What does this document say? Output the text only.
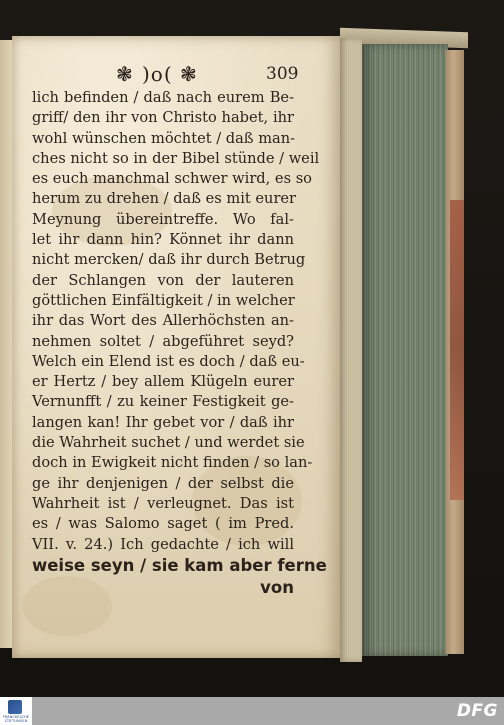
❃ )o( ❃	309
lich befinden / daß nach eurem Be-
griff/ den ihr von Christo habet, ihr
wohl wünschen möchtet / daß man-
ches nicht so in der Bibel stünde / weil
es euch manchmal schwer wird, es so
herum zu drehen / daß es mit eurer
Meynung übereintreffe. Wo fal-
let ihr dann hin? Könnet ihr dann
nicht mercken/ daß ihr durch Betrug
der Schlangen von der lauteren
göttlichen Einfältigkeit / in welcher
ihr das Wort des Allerhöchsten an-
nehmen soltet / abgeführet seyd?
Welch ein Elend ist es doch / daß eu-
er Hertz / bey allem Klügeln eurer
Vernunfft / zu keiner Festigkeit ge-
langen kan! Ihr gebet vor / daß ihr
die Wahrheit suchet / und werdet sie
doch in Ewigkeit nicht finden / so lan-
ge ihr denjenigen / der selbst die
Wahrheit ist / verleugnet. Das ist
es / was Salomo saget ( im Pred.
VII. v. 24.) Ich gedachte / ich will
weise seyn / sie kam aber ferne
von
FRANCKESCHE STIFTUNGEN	DFG
